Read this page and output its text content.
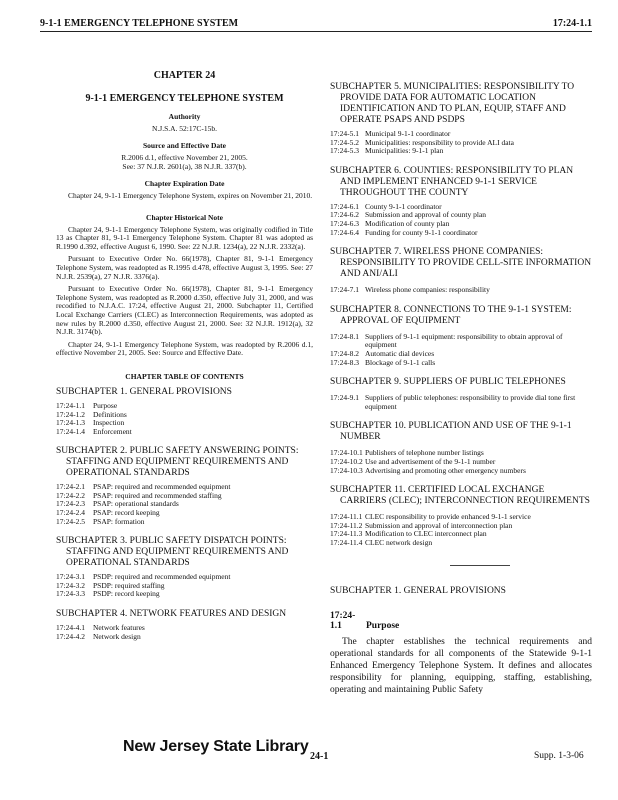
9-1-1 EMERGENCY TELEPHONE SYSTEM	17:24-1.1
CHAPTER 24
9-1-1 EMERGENCY TELEPHONE SYSTEM
Authority
N.J.S.A. 52:17C-15b.
Source and Effective Date
R.2006 d.1, effective November 21, 2005.
See: 37 N.J.R. 2601(a), 38 N.J.R. 337(b).
Chapter Expiration Date

Chapter 24, 9-1-1 Emergency Telephone System, expires on November 21, 2010.

Chapter Historical Note

Chapter 24, 9-1-1 Emergency Telephone System, was originally codified in Title 13 as Chapter 81, 9-1-1 Emergency Telephone System. Chapter 81 was adopted as R.1990 d.392, effective August 6, 1990. See: 22 N.J.R. 1234(a), 22 N.J.R. 2332(a).

Pursuant to Executive Order No. 66(1978), Chapter 81, 9-1-1 Emergency Telephone System, was readopted as R.1995 d.478, effective August 3, 1995. See: 27 N.J.R. 2539(a), 27 N.J.R. 3376(a).

Pursuant to Executive Order No. 66(1978), Chapter 81, 9-1-1 Emergency Telephone System, was readopted as R.2000 d.350, effective July 31, 2000, and was recodified to N.J.A.C. 17:24, effective August 21, 2000. Subchapter 11, Certified Local Exchange Carriers (CLEC) as Interconnection Requirements, was adopted as new rules by R.2000 d.350, effective August 21, 2000. See: 32 N.J.R. 1912(a), 32 N.J.R. 3174(b).

Chapter 24, 9-1-1 Emergency Telephone System, was readopted by R.2006 d.1, effective November 21, 2005. See: Source and Effective Date.

CHAPTER TABLE OF CONTENTS
SUBCHAPTER 1. GENERAL PROVISIONS
17:24-1.1	Purpose
17:24-1.2	Definitions
17:24-1.3	Inspection
17:24-1.4	Enforcement
SUBCHAPTER 2. PUBLIC SAFETY ANSWERING POINTS: STAFFING AND EQUIPMENT REQUIREMENTS AND OPERATIONAL STANDARDS
17:24-2.1	PSAP: required and recommended equipment
17:24-2.2	PSAP: required and recommended staffing
17:24-2.3	PSAP: operational standards
17:24-2.4	PSAP: record keeping
17:24-2.5	PSAP: formation
SUBCHAPTER 3. PUBLIC SAFETY DISPATCH POINTS: STAFFING AND EQUIPMENT REQUIREMENTS AND OPERATIONAL STANDARDS
17:24-3.1	PSDP: required and recommended equipment
17:24-3.2	PSDP: required staffing
17:24-3.3	PSDP: record keeping
SUBCHAPTER 4. NETWORK FEATURES AND DESIGN
17:24-4.1	Network features
17:24-4.2	Network design
SUBCHAPTER 5. MUNICIPALITIES: RESPONSIBILITY TO PROVIDE DATA FOR AUTOMATIC LOCATION IDENTIFICATION AND TO PLAN, EQUIP, STAFF AND OPERATE PSAPS AND PSDPS
17:24-5.1 Municipal 9-1-1 coordinator
17:24-5.2 Municipalities: responsibility to provide ALI data
17:24-5.3 Municipalities: 9-1-1 plan
SUBCHAPTER 6. COUNTIES: RESPONSIBILITY TO PLAN AND IMPLEMENT ENHANCED 9-1-1 SERVICE THROUGHOUT THE COUNTY
17:24-6.1 County 9-1-1 coordinator
17:24-6.2 Submission and approval of county plan
17:24-6.3 Modification of county plan
17:24-6.4 Funding for county 9-1-1 coordinator
SUBCHAPTER 7. WIRELESS PHONE COMPANIES: RESPONSIBILITY TO PROVIDE CELL-SITE INFORMATION AND ANI/ALI
17:24-7.1 Wireless phone companies: responsibility
SUBCHAPTER 8. CONNECTIONS TO THE 9-1-1 SYSTEM: APPROVAL OF EQUIPMENT
17:24-8.1 Suppliers of 9-1-1 equipment: responsibility to obtain approval of equipment
17:24-8.2 Automatic dial devices
17:24-8.3 Blockage of 9-1-1 calls
SUBCHAPTER 9. SUPPLIERS OF PUBLIC TELEPHONES
17:24-9.1 Suppliers of public telephones: responsibility to provide dial tone first equipment
SUBCHAPTER 10. PUBLICATION AND USE OF THE 9-1-1 NUMBER
17:24-10.1 Publishers of telephone number listings
17:24-10.2 Use and advertisement of the 9-1-1 number
17:24-10.3 Advertising and promoting other emergency numbers
SUBCHAPTER 11. CERTIFIED LOCAL EXCHANGE CARRIERS (CLEC); INTERCONNECTION REQUIREMENTS
17:24-11.1 CLEC responsibility to provide enhanced 9-1-1 service
17:24-11.2 Submission and approval of interconnection plan
17:24-11.3 Modification to CLEC interconnect plan
17:24-11.4 CLEC network design
SUBCHAPTER 1. GENERAL PROVISIONS
17:24-1.1	Purpose
The chapter establishes the technical requirements and operational standards for all components of the Statewide 9-1-1 Enhanced Emergency Telephone System. It defines and allocates responsibility for planning, equipping, staffing, establishing, operating and maintaining Public Safety
New Jersey State Library
24-1	Supp. 1-3-06
